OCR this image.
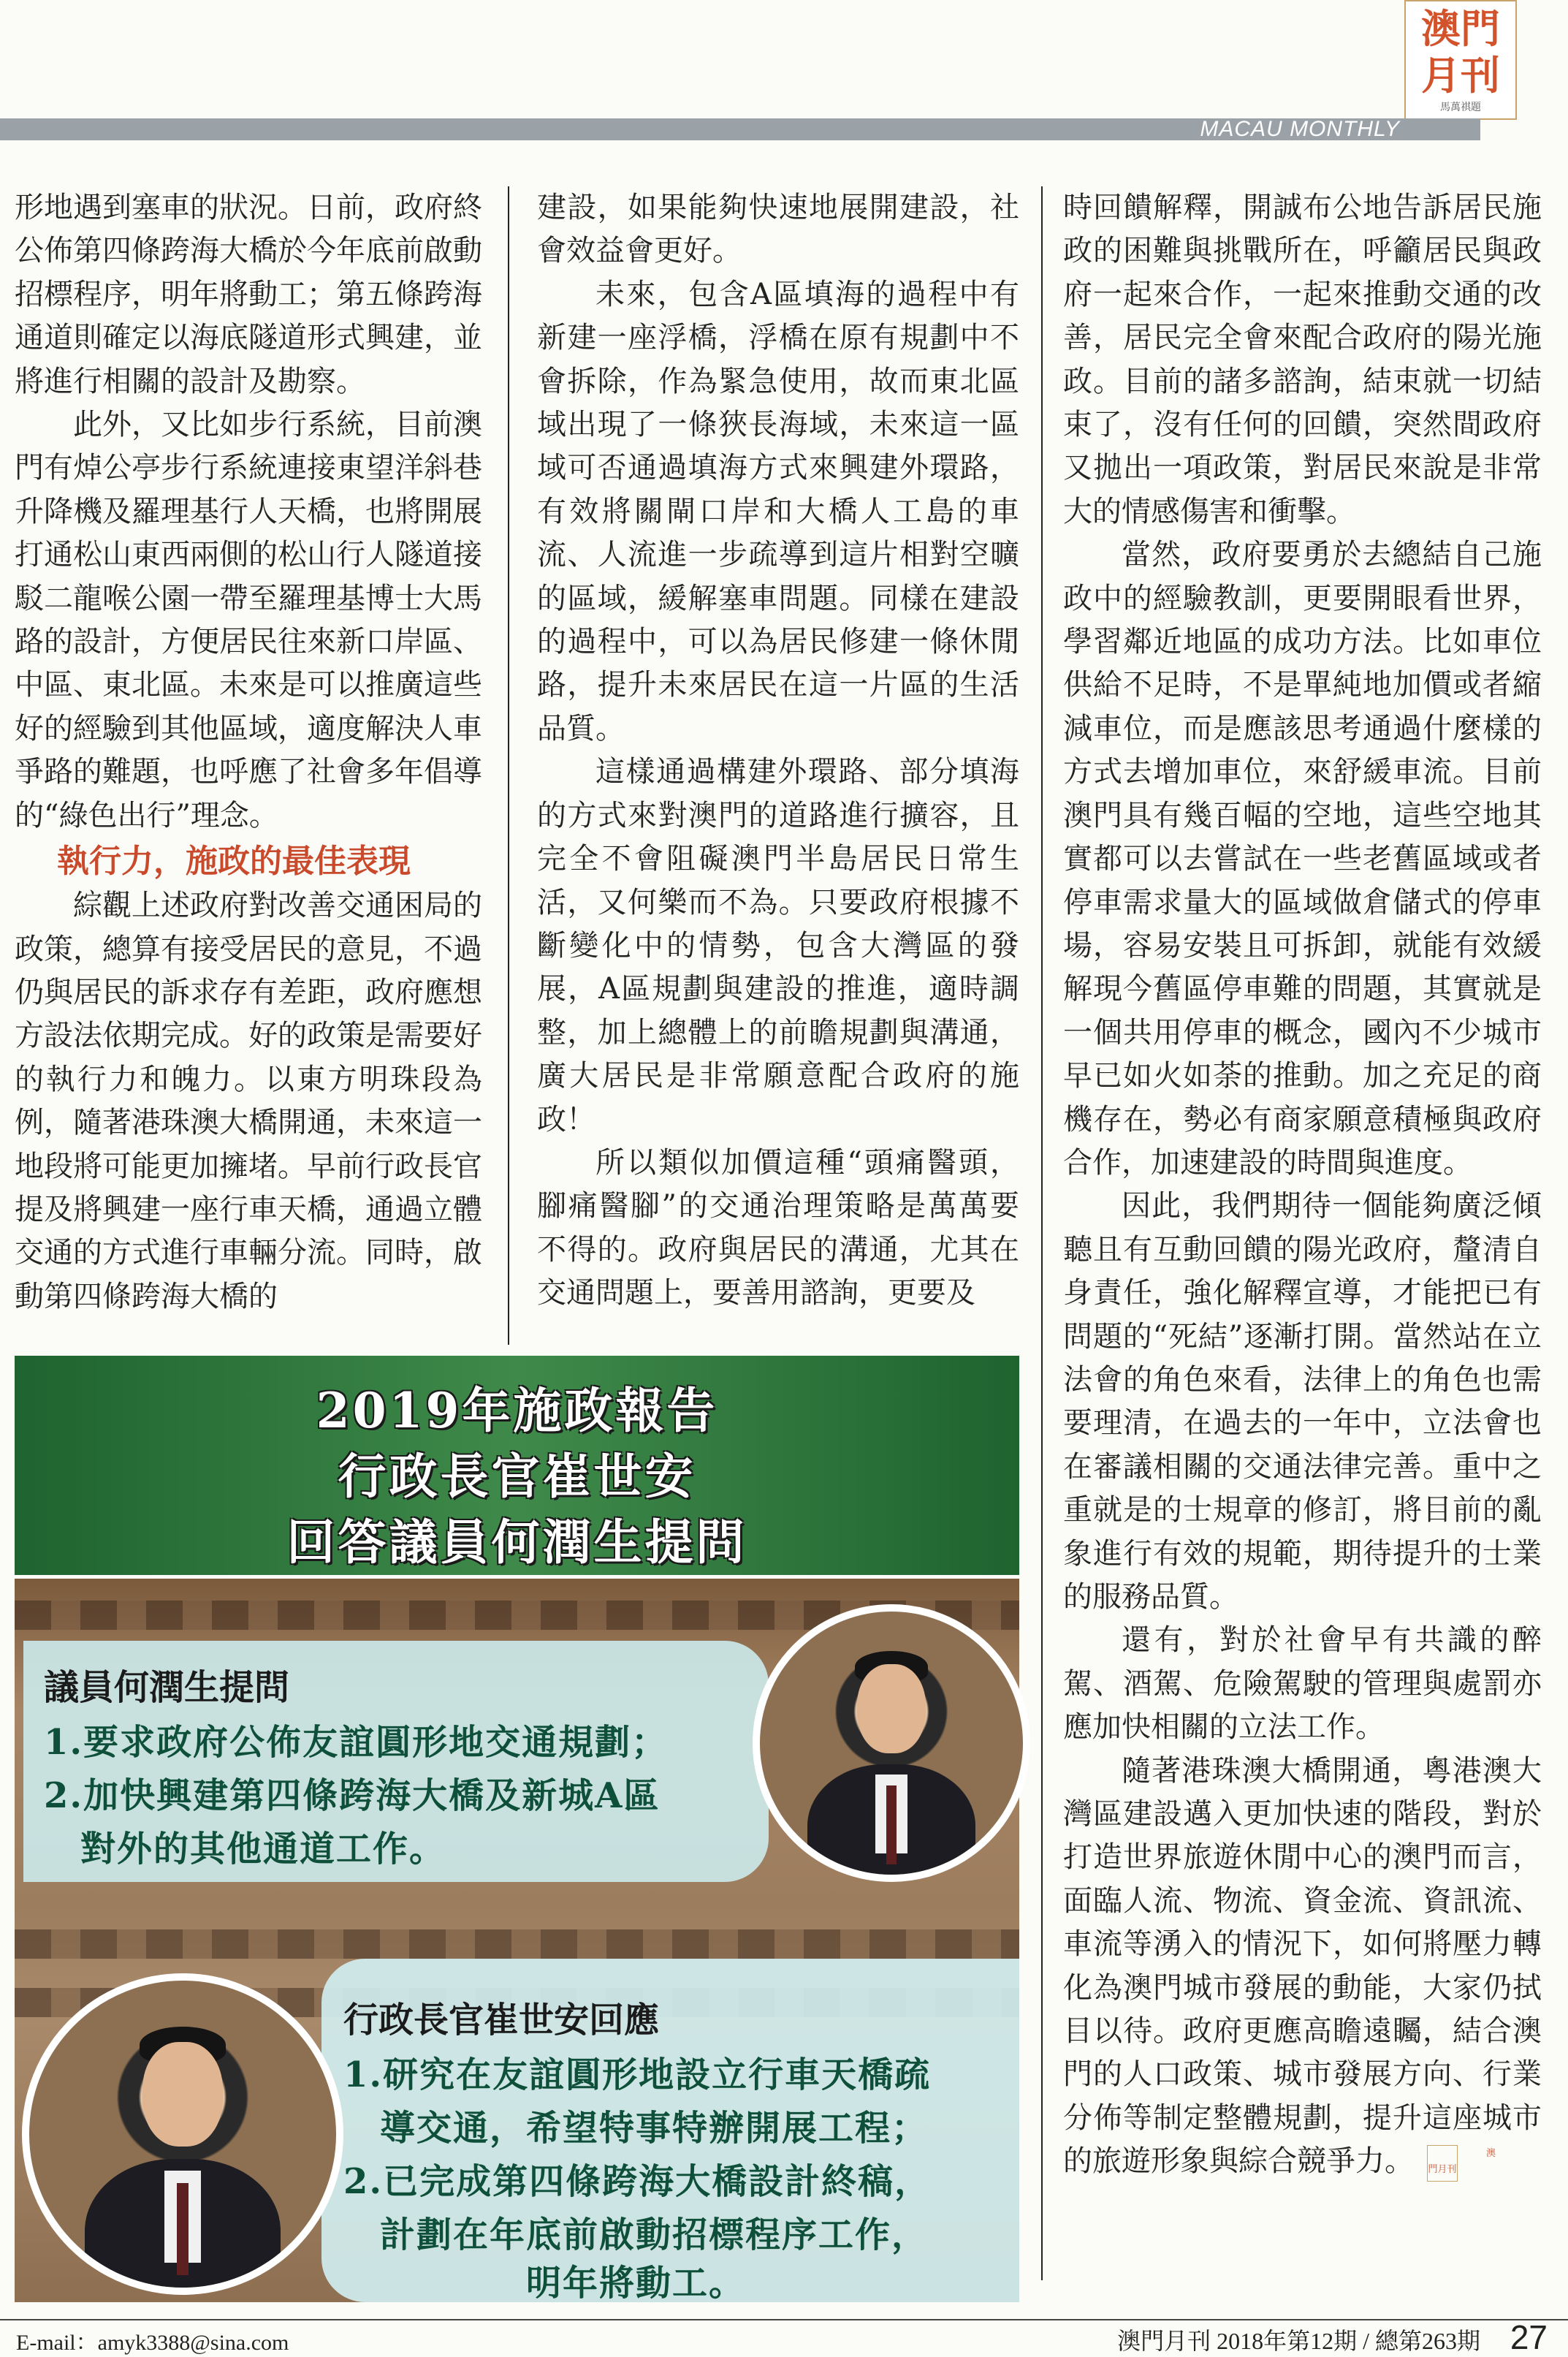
澳門
月刊
馬萬祺題
MACAU MONTHLY

形地遇到塞車的狀況。日前，政府終公佈第四條跨海大橋於今年底前啟動招標程序，明年將動工；第五條跨海通道則確定以海底隧道形式興建，並將進行相關的設計及勘察。

此外，又比如步行系統，目前澳門有焯公亭步行系統連接東望洋斜巷升降機及羅理基行人天橋，也將開展打通松山東西兩側的松山行人隧道接駁二龍喉公園一帶至羅理基博士大馬路的設計，方便居民往來新口岸區、中區、東北區。未來是可以推廣這些好的經驗到其他區域，適度解決人車爭路的難題，也呼應了社會多年倡導的“綠色出行”理念。

執行力，施政的最佳表現

綜觀上述政府對改善交通困局的政策，總算有接受居民的意見，不過仍與居民的訴求存有差距，政府應想方設法依期完成。好的政策是需要好的執行力和魄力。以東方明珠段為例，隨著港珠澳大橋開通，未來這一地段將可能更加擁堵。早前行政長官提及將興建一座行車天橋，通過立體交通的方式進行車輛分流。同時，啟動第四條跨海大橋的

建設，如果能夠快速地展開建設，社會效益會更好。

未來，包含A區填海的過程中有新建一座浮橋，浮橋在原有規劃中不會拆除，作為緊急使用，故而東北區域出現了一條狹長海域，未來這一區域可否通過填海方式來興建外環路，有效將關閘口岸和大橋人工島的車流、人流進一步疏導到這片相對空曠的區域，緩解塞車問題。同樣在建設的過程中，可以為居民修建一條休閒路，提升未來居民在這一片區的生活品質。

這樣通過構建外環路、部分填海的方式來對澳門的道路進行擴容，且完全不會阻礙澳門半島居民日常生活，又何樂而不為。只要政府根據不斷變化中的情勢，包含大灣區的發展，A區規劃與建設的推進，適時調整，加上總體上的前瞻規劃與溝通，廣大居民是非常願意配合政府的施政！

所以類似加價這種“頭痛醫頭，腳痛醫腳”的交通治理策略是萬萬要不得的。政府與居民的溝通，尤其在交通問題上，要善用諮詢，更要及

時回饋解釋，開誠布公地告訴居民施政的困難與挑戰所在，呼籲居民與政府一起來合作，一起來推動交通的改善，居民完全會來配合政府的陽光施政。目前的諸多諮詢，結束就一切結束了，沒有任何的回饋，突然間政府又拋出一項政策，對居民來說是非常大的情感傷害和衝擊。

當然，政府要勇於去總結自己施政中的經驗教訓，更要開眼看世界，學習鄰近地區的成功方法。比如車位供給不足時，不是單純地加價或者縮減車位，而是應該思考通過什麼樣的方式去增加車位，來舒緩車流。目前澳門具有幾百幅的空地，這些空地其實都可以去嘗試在一些老舊區域或者停車需求量大的區域做倉儲式的停車場，容易安裝且可拆卸，就能有效緩解現今舊區停車難的問題，其實就是一個共用停車的概念，國內不少城市早已如火如荼的推動。加之充足的商機存在，勢必有商家願意積極與政府合作，加速建設的時間與進度。

因此，我們期待一個能夠廣泛傾聽且有互動回饋的陽光政府，釐清自身責任，強化解釋宣導，才能把已有問題的“死結”逐漸打開。當然站在立法會的角色來看，法律上的角色也需要理清，在過去的一年中，立法會也在審議相關的交通法律完善。重中之重就是的士規章的修訂，將目前的亂象進行有效的規範，期待提升的士業的服務品質。

還有，對於社會早有共識的醉駕、酒駕、危險駕駛的管理與處罰亦應加快相關的立法工作。

隨著港珠澳大橋開通，粵港澳大灣區建設邁入更加快速的階段，對於打造世界旅遊休閒中心的澳門而言，面臨人流、物流、資金流、資訊流、車流等湧入的情況下，如何將壓力轉化為澳門城市發展的動能，大家仍拭目以待。政府更應高瞻遠矚，結合澳門的人口政策、城市發展方向、行業分佈等制定整體規劃，提升這座城市的旅遊形象與綜合競爭力。	澳門月刊

2019年施政報告
行政長官崔世安
回答議員何潤生提問
議員何潤生提問
1.要求政府公佈友誼圓形地交通規劃；
2.加快興建第四條跨海大橋及新城A區
對外的其他通道工作。
行政長官崔世安回應
1.研究在友誼圓形地設立行車天橋疏
導交通，希望特事特辦開展工程；
2.已完成第四條跨海大橋設計終稿，
計劃在年底前啟動招標程序工作，
明年將動工。
E-mail：amyk3388@sina.com	澳門月刊 2018年第12期 / 總第263期 27
